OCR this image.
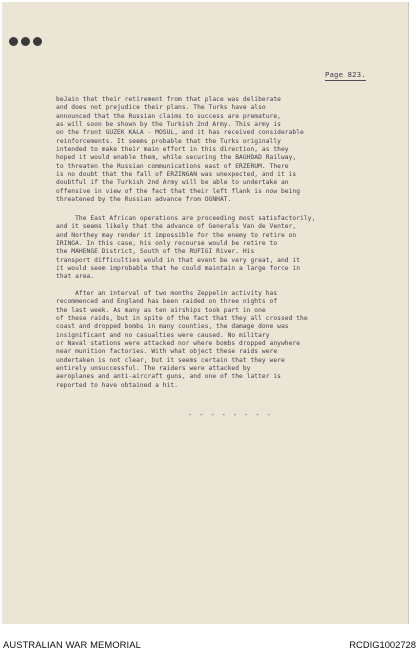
Page 823.
beJain that their retirement from that place was deliberate
and does not prejudice their plans. The Turks have also
announced that the Russian claims to success are premature,
as will soon be shown by the Turkish 2nd Army. This army is
on the front GUZEK KALA - MOSUL, and it has received considerable
reinforcements. It seems probable that the Turks originally
intended to make their main effort in this direction, as they
hoped it would enable them, while securing the BAGHDAD Railway,
to threaten the Russian communications east of ERZERUM. There
is no doubt that the fall of ERZINGAN was unexpected, and it is
doubtful if the Turkish 2nd Army will be able to undertake an
offensive in view of the fact that their left flank is now being
threatened by the Russian advance from OGNHAT.
The East African operations are proceeding most satisfactorily,
and it seems likely that the advance of Generals Van de Venter,
and Northey may render it impossible for the enemy to retire on
IRINGA. In this case, his only recourse would be retire to
the MAHENGE District, South of the RUFIGI River. His
transport difficulties would in that event be very great, and it
it would seem improbable that he could maintain a large force in
that area.
After an interval of two months Zeppelin activity has
recommenced and England has been raided on three nights of
the last week. As many as ten airships took part in one
of these raids, but in spite of the fact that they all crossed the
coast and dropped bombs in many counties, the damage done was
insignificant and no casualties were caused. No military
or Naval stations were attacked nor where bombs dropped anywhere
near munition factories. With what object these raids were
undertaken is not clear, but it seems certain that they were
entirely unsuccessful. The raiders were attacked by
aeroplanes and anti-aircraft guns, and one of the latter is
reported to have obtained a hit.
- - - - - - - -
AUSTRALIAN WAR MEMORIAL	RCDIG1002728
